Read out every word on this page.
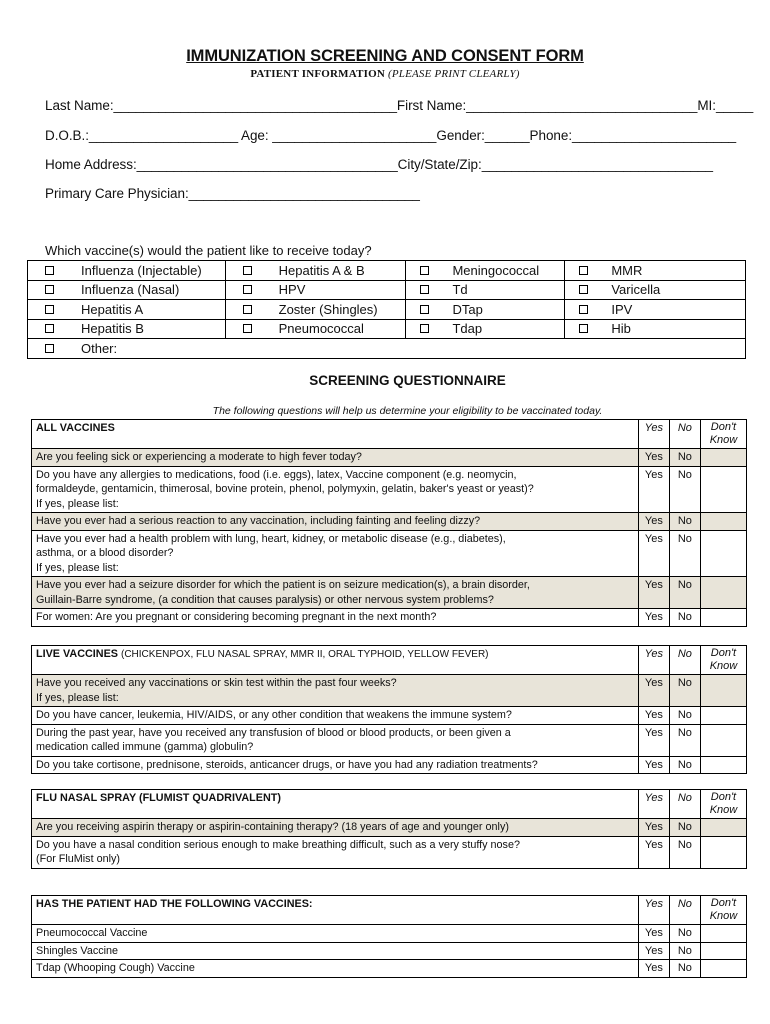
IMMUNIZATION SCREENING AND CONSENT FORM
PATIENT INFORMATION (PLEASE PRINT CLEARLY)
Last Name:______________________________________First Name:_______________________________MI:_____
D.O.B.:____________________ Age: ______________________Gender:______Phone:______________________
Home Address:___________________________________City/State/Zip:_______________________________
Primary Care Physician:_______________________________
Which vaccine(s) would the patient like to receive today?
Influenza (Injectable)	Hepatitis A & B	Meningococcal	MMR

Influenza (Nasal)	HPV	Td	Varicella

Hepatitis A	Zoster (Shingles)	DTap	IPV

Hepatitis B	Pneumococcal	Tdap	Hib

Other:			
SCREENING QUESTIONNAIRE
The following questions will help us determine your eligibility to be vaccinated today.
ALL VACCINES	Yes	No	Don't
Know
Are you feeling sick or experiencing a moderate to high fever today?	Yes	No	
Do you have any allergies to medications, food (i.e. eggs), latex, Vaccine component (e.g. neomycin,
formaldeyde, gentamicin, thimerosal, bovine protein, phenol, polymyxin, gelatin, baker's yeast or yeast)?
If yes, please list:	Yes	No	
Have you ever had a serious reaction to any vaccination, including fainting and feeling dizzy?	Yes	No	
Have you ever had a health problem with lung, heart, kidney, or metabolic disease (e.g., diabetes),
asthma, or a blood disorder?
If yes, please list:	Yes	No	
Have you ever had a seizure disorder for which the patient is on seizure medication(s), a brain disorder,
Guillain-Barre syndrome, (a condition that causes paralysis) or other nervous system problems?	Yes	No	
For women: Are you pregnant or considering becoming pregnant in the next month?	Yes	No	
LIVE VACCINES (CHICKENPOX, FLU NASAL SPRAY, MMR II, ORAL TYPHOID, YELLOW FEVER)	Yes	No	Don't
Know
Have you received any vaccinations or skin test within the past four weeks?
If yes, please list:	Yes	No	
Do you have cancer, leukemia, HIV/AIDS, or any other condition that weakens the immune system?	Yes	No	
During the past year, have you received any transfusion of blood or blood products, or been given a
medication called immune (gamma) globulin?	Yes	No	
Do you take cortisone, prednisone, steroids, anticancer drugs, or have you had any radiation treatments?	Yes	No	
FLU NASAL SPRAY (FLUMIST QUADRIVALENT)	Yes	No	Don't
Know
Are you receiving aspirin therapy or aspirin-containing therapy? (18 years of age and younger only)	Yes	No	
Do you have a nasal condition serious enough to make breathing difficult, such as a very stuffy nose?
(For FluMist only)	Yes	No	
HAS THE PATIENT HAD THE FOLLOWING VACCINES:	Yes	No	Don't
Know
Pneumococcal Vaccine	Yes	No	
Shingles Vaccine	Yes	No	
Tdap (Whooping Cough) Vaccine	Yes	No	
